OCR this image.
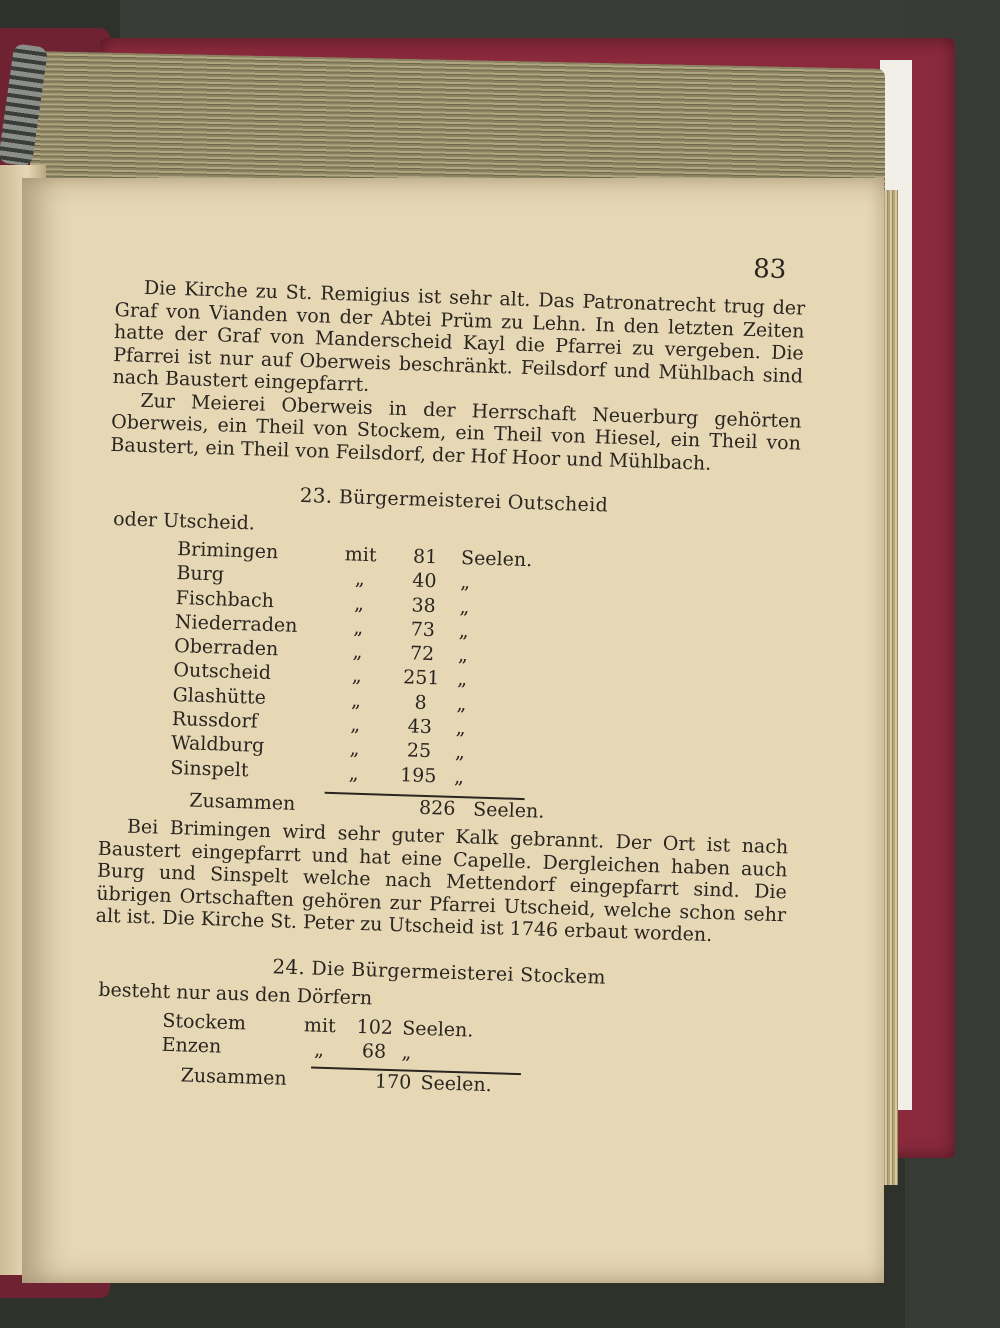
83

Die Kirche zu St. Remigius ist sehr alt. Das Patronatrecht trug der Graf von Vianden von der Abtei Prüm zu Lehn. In den letzten Zeiten hatte der Graf von Manderscheid Kayl die Pfarrei zu vergeben. Die Pfarrei ist nur auf Oberweis beschränkt. Feilsdorf und Mühlbach sind nach Baustert eingepfarrt.

Zur Meierei Oberweis in der Herrschaft Neuerburg gehörten Oberweis, ein Theil von Stockem, ein Theil von Hiesel, ein Theil von Baustert, ein Theil von Feilsdorf, der Hof Hoor und Mühlbach.

23. Bürgermeisterei Outscheid
oder Utscheid.
Brimingen	mit	81	Seelen.
Burg	„	40	„
Fischbach	„	38	„
Niederraden	„	73	„
Oberraden	„	72	„
Outscheid	„	251 „
Glashütte	„	8	„
Russdorf	„	43	„
Waldburg	„	25	„
Sinspelt	„	195 „
Zusammen	826 Seelen.

Bei Brimingen wird sehr guter Kalk gebrannt. Der Ort ist nach Baustert eingepfarrt und hat eine Capelle. Dergleichen haben auch Burg und Sinspelt welche nach Mettendorf eingepfarrt sind. Die übrigen Ortschaften gehören zur Pfarrei Utscheid, welche schon sehr alt ist. Die Kirche St. Peter zu Utscheid ist 1746 erbaut worden.

24. Die Bürgermeisterei Stockem
besteht nur aus den Dörfern
Stockem	mit	102 Seelen.
Enzen	„	68 „
Zusammen	170 Seelen.
